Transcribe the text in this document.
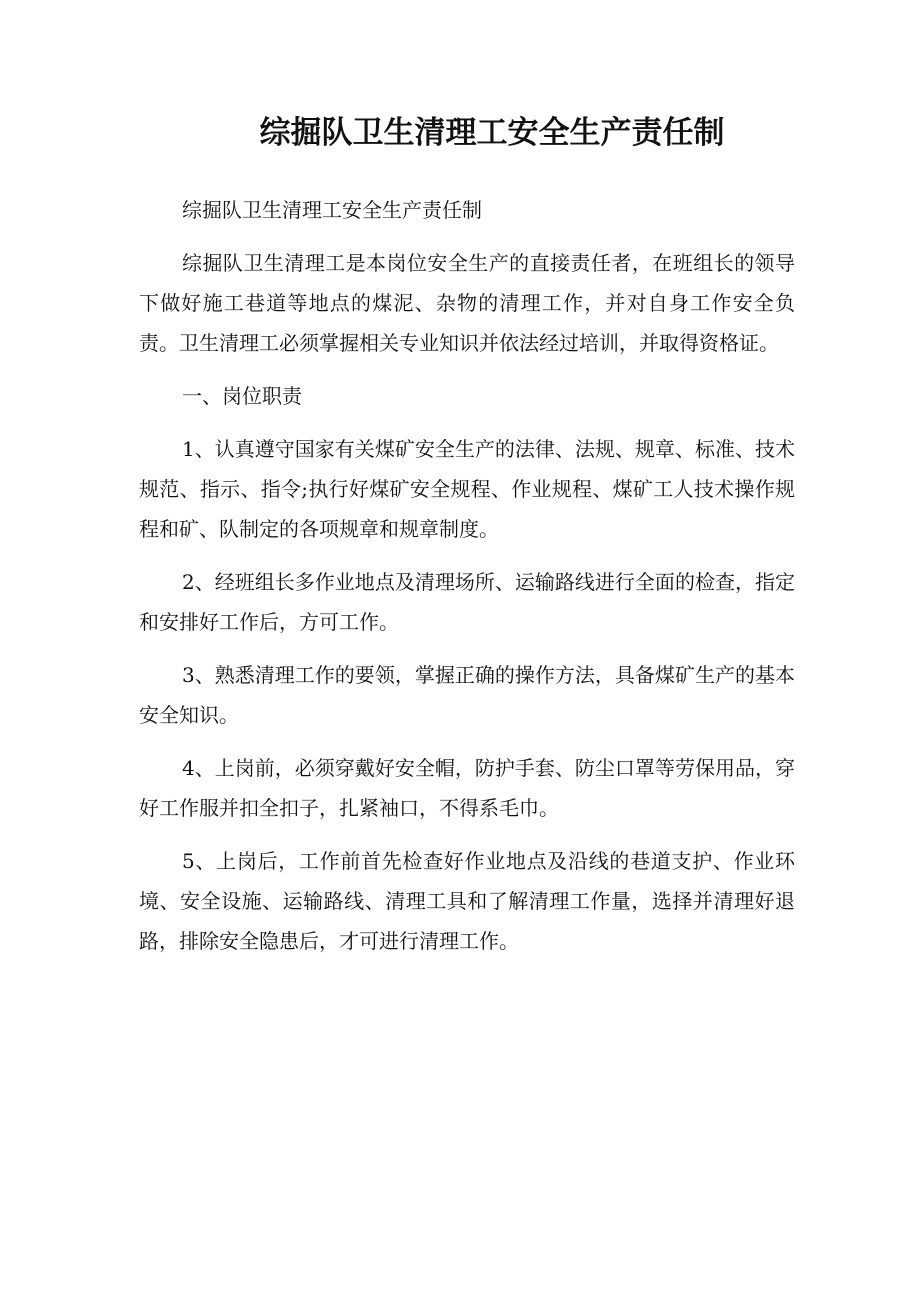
综掘队卫生清理工安全生产责任制

综掘队卫生清理工安全生产责任制

综掘队卫生清理工是本岗位安全生产的直接责任者，在班组长的领导下做好施工巷道等地点的煤泥、杂物的清理工作，并对自身工作安全负责。卫生清理工必须掌握相关专业知识并依法经过培训，并取得资格证。

一、岗位职责

1、认真遵守国家有关煤矿安全生产的法律、法规、规章、标准、技术规范、指示、指令;执行好煤矿安全规程、作业规程、煤矿工人技术操作规程和矿、队制定的各项规章和规章制度。

2、经班组长多作业地点及清理场所、运输路线进行全面的检查，指定和安排好工作后，方可工作。

3、熟悉清理工作的要领，掌握正确的操作方法，具备煤矿生产的基本安全知识。

4、上岗前，必须穿戴好安全帽，防护手套、防尘口罩等劳保用品，穿好工作服并扣全扣子，扎紧袖口，不得系毛巾。

5、上岗后，工作前首先检查好作业地点及沿线的巷道支护、作业环境、安全设施、运输路线、清理工具和了解清理工作量，选择并清理好退路，排除安全隐患后，才可进行清理工作。
